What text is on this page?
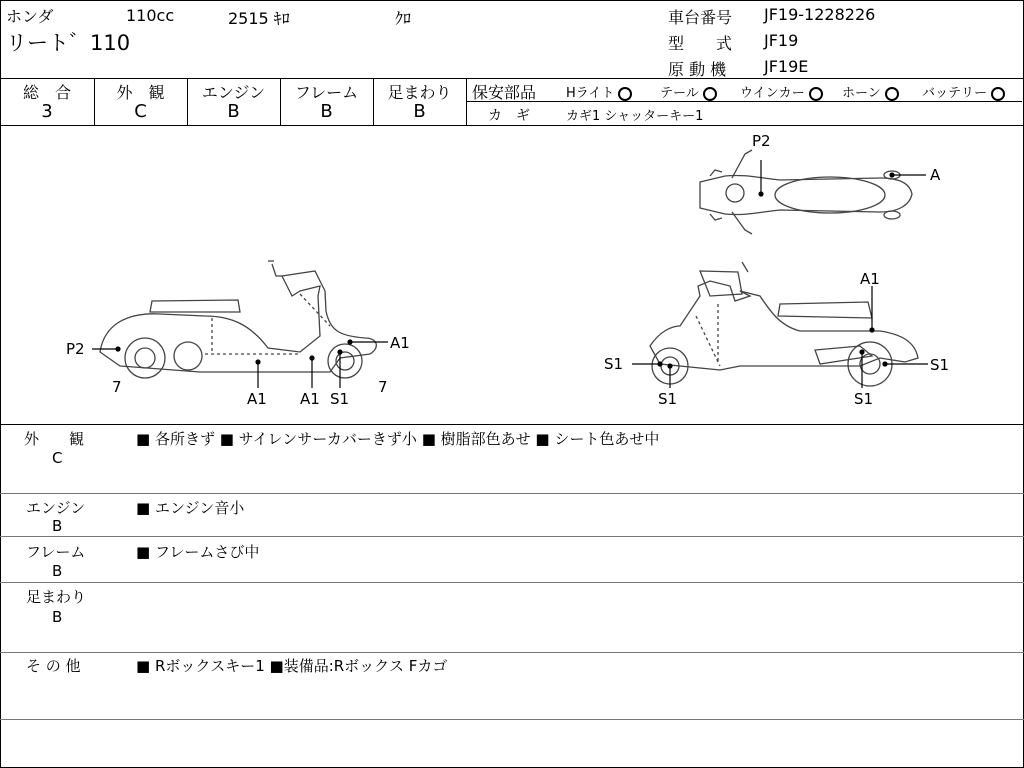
ホンダ	110cc	2515 ｷﾛ	ｸﾛ
リート゛110
車台番号 JF19-1228226
型　　式 JF19
原 動 機 JF19E
総　合
3
外　観
C
エンジン
B
フレーム
B
足まわり
B
保安部品 Hライト	テール	ウインカー	ホーン	バッテリー
カ　ギ	カギ1 シャッターキー1
P2
7
A1 A1 S1
A1
7
P2
A
A1
S1
S1	S1
S1
外　　観
C
■ 各所きず ■ サイレンサーカバーきず小 ■ 樹脂部色あせ ■ シート色あせ中
エンジン
B
■ エンジン音小
フレーム
B
■ フレームさび中
足まわり
B
そ の 他	■ Rボックスキー1 ■装備品:Rボックス Fカゴ
